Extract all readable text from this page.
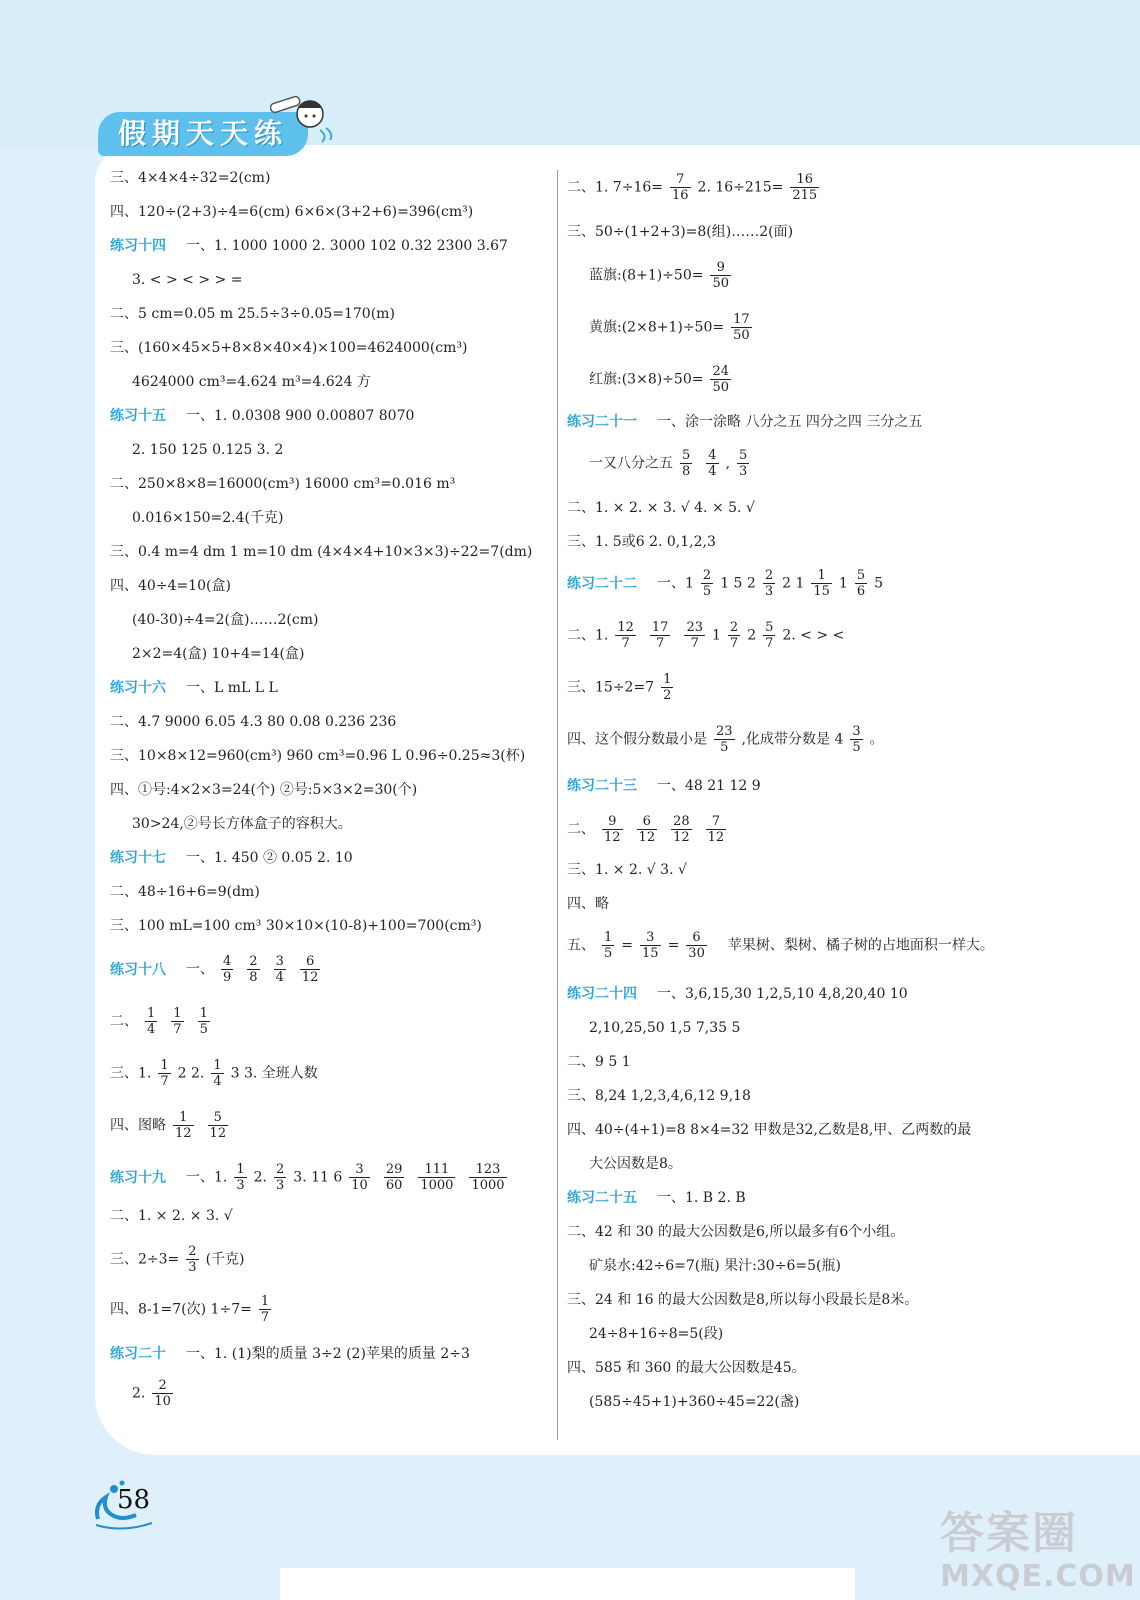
假期天天练
三、4×4×4÷32=2(cm)
四、120÷(2+3)÷4=6(cm) 6×6×(3+2+6)=396(cm³)
练习十四 一、1. 1000 1000 2. 3000 102 0.32 2300 3.67
3. < > < > > =
二、5 cm=0.05 m 25.5÷3÷0.05=170(m)
三、(160×45×5+8×8×40×4)×100=4624000(cm³)
4624000 cm³=4.624 m³=4.624 方
练习十五 一、1. 0.0308 900 0.00807 8070
2. 150 125 0.125 3. 2
二、250×8×8=16000(cm³) 16000 cm³=0.016 m³
0.016×150=2.4(千克)
三、0.4 m=4 dm 1 m=10 dm (4×4×4+10×3×3)÷22=7(dm)
四、40÷4=10(盒)
(40-30)÷4=2(盒)……2(cm)
2×2=4(盒) 10+4=14(盒)
练习十六 一、L mL L L
二、4.7 9000 6.05 4.3 80 0.08 0.236 236
三、10×8×12=960(cm³) 960 cm³=0.96 L 0.96÷0.25≈3(杯)
四、①号:4×2×3=24(个) ②号:5×3×2=30(个)
30>24,②号长方体盒子的容积大。
练习十七 一、1. 450 ② 0.05 2. 10
二、48÷16+6=9(dm)
三、100 mL=100 cm³ 30×10×(10-8)+100=700(cm³)
练习十八 一、 $\frac{4}{9} \frac{2}{8} \frac{3}{4} \frac{6}{12}$
二、 $\frac{1}{4} \frac{1}{7} \frac{1}{5}$
三、1. $\frac{1}{7} 2$ 2. $\frac{1}{4} 3$ 3. 全班人数
四、图略 $\frac{1}{12} \frac{5}{12}$
练习十九 一、1. $\frac{1}{3} 2$. $\frac{2}{3} 3$. 11 $6 \frac{3}{10} \frac{29}{60} \frac{111}{1000} \frac{123}{1000}$
二、1. × 2. × 3. √
三、$2\div 3= \frac{2}{3}$ (千克)
四、8-1=7(次) $1\div 7= \frac{1}{7}$
练习二十 一、1. (1)梨的质量 3÷2 (2)苹果的质量 2÷3
2. $\frac{2}{10}$
二、1. $7\div 16= \frac{7}{16} 2$. $16\div 215= \frac{16}{215}$
三、50÷(1+2+3)=8(组)……2(面)
蓝旗:(8+1)÷50= $\frac{9}{50}$
黄旗:(2×8+1)÷50= $\frac{17}{50}$
红旗:(3×8)÷50= $\frac{24}{50}$
练习二十一 一、涂一涂略 八分之五 四分之四 三分之五
一又八分之五 $\frac{5}{8} \frac{4}{4}$ , $\frac{5}{3}$
二、1. × 2. × 3. √ 4. × 5. √
三、1. 5或6 2. 0,1,2,3
练习二十二 一、$1 \frac{2}{5} 1$ 5 $2 \frac{2}{3} 2$ $1 \frac{1}{15} 1 \frac{5}{6} 5$
二、1. $\frac{12}{7} \frac{17}{7} \frac{23}{7} 1 \frac{2}{7} 2 \frac{5}{7} 2$. < > <
三、$15\div 2=7 \frac{1}{2}$
四、这个假分数最小是 $\frac{23}{5}$ ,化成带分数是 $4 \frac{3}{5}$ 。
练习二十三 一、48 21 12 9
二、 $\frac{9}{12} \frac{6}{12} \frac{28}{12} \frac{7}{12}$
三、1. × 2. √ 3. √
四、略
五、 $\frac{1}{5} = \frac{3}{15} = \frac{6}{30}$ 苹果树、梨树、橘子树的占地面积一样大。
练习二十四 一、3,6,15,30 1,2,5,10 4,8,20,40 10
2,10,25,50 1,5 7,35 5
二、9 5 1
三、8,24 1,2,3,4,6,12 9,18
四、40÷(4+1)=8 8×4=32 甲数是32,乙数是8,甲、乙两数的最
大公因数是8。
练习二十五 一、1. B 2. B
二、42 和 30 的最大公因数是6,所以最多有6个小组。
矿泉水:42÷6=7(瓶) 果汁:30÷6=5(瓶)
三、24 和 16 的最大公因数是8,所以每小段最长是8米。
24÷8+16÷8=5(段)
四、585 和 360 的最大公因数是45。
(585÷45+1)+360÷45=22(盏)
58
答案圈
MXQE.COM
